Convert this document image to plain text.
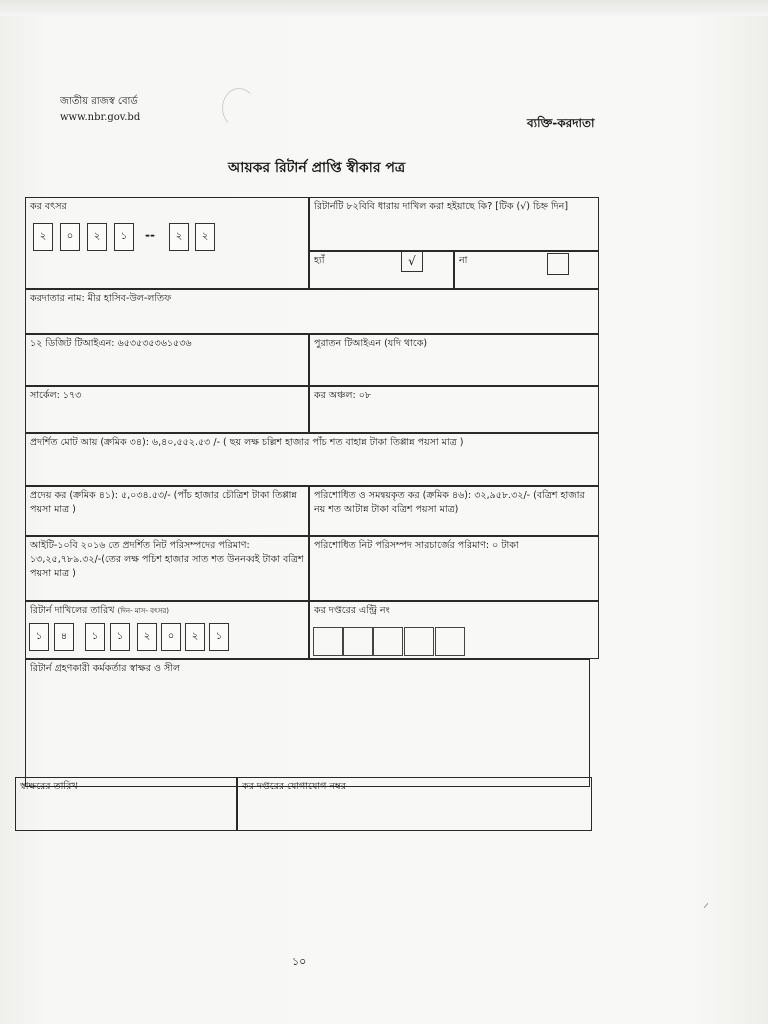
জাতীয় রাজস্ব বোর্ড
www.nbr.gov.bd	ব্যক্তি-করদাতা
আয়কর রিটার্ন প্রাপ্তি স্বীকার পত্র
কর বৎসর
২	০	২	১	--	২	২
রিটার্নটি ৮২বিবি ধারায় দাখিল করা হইয়াছে কি? [টিক (√) চিহ্ন দিন]
হ্যাঁ	√	না
করদাতার নাম: মীর হাসিব-উল-লতিফ
১২ ডিজিট টিআইএন: ৬৫৩৫৩৫৩৬১৫৩৬	পুরাতন টিআইএন (যদি থাকে)
সার্কেল: ১৭৩	কর অঞ্চল: ০৮
প্রদর্শিত মোট আয় (ক্রমিক ৩৪): ৬,৪০,৫৫২.৫৩ /- ( ছয় লক্ষ চল্লিশ হাজার পাঁচ শত বাহান্ন টাকা তিপ্পান্ন পয়সা মাত্র )
প্রদেয় কর (ক্রমিক ৪১): ৫,০৩৪.৫৩/- (পাঁচ হাজার চৌত্রিশ টাকা তিপ্পান্ন পয়সা মাত্র )
পরিশোধিত ও সমন্বয়কৃত কর (ক্রমিক ৪৬): ৩২,৯৫৮.৩২/- (বত্রিশ হাজার নয় শত আটান্ন টাকা বত্রিশ পয়সা মাত্র)
আইটি-১০বি ২০১৬ তে প্রদর্শিত নিট পরিসম্পদের পরিমাণ: ১৩,২৫,৭৮৯.৩২/-(তের লক্ষ পচিশ হাজার সাত শত উননব্বই টাকা বত্রিশ পয়সা মাত্র )
পরিশোধিত নিট পরিসম্পদ সারচার্জের পরিমাণ: ০ টাকা
রিটার্ন দাখিলের তারিখ (দিন- মাস- বৎসর)
১	৪	১	১	২	০	২	১
কর দপ্তরের এন্ট্রি নং
রিটার্ন গ্রহণকারী কর্মকর্তার স্বাক্ষর ও সীল
স্বাক্ষরের তারিখ	কর দপ্তরের যোগাযোগ নম্বর
১০
